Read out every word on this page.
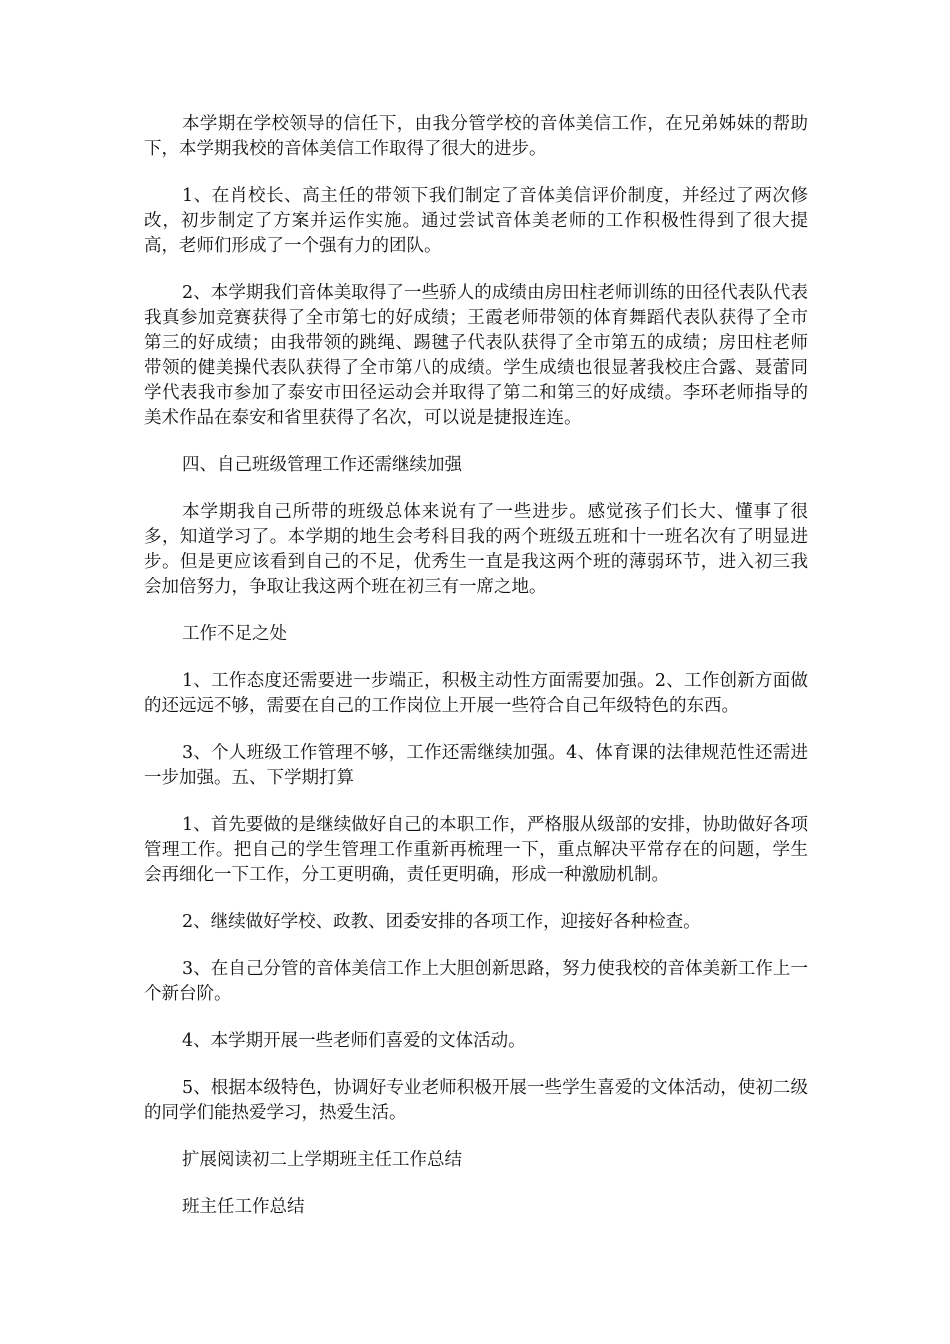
本学期在学校领导的信任下，由我分管学校的音体美信工作，在兄弟姊妹的帮助下，本学期我校的音体美信工作取得了很大的进步。

1、在肖校长、高主任的带领下我们制定了音体美信评价制度，并经过了两次修改，初步制定了方案并运作实施。通过尝试音体美老师的工作积极性得到了很大提高，老师们形成了一个强有力的团队。

2、本学期我们音体美取得了一些骄人的成绩由房田柱老师训练的田径代表队代表我真参加竞赛获得了全市第七的好成绩；王霞老师带领的体育舞蹈代表队获得了全市第三的好成绩；由我带领的跳绳、踢毽子代表队获得了全市第五的成绩；房田柱老师带领的健美操代表队获得了全市第八的成绩。学生成绩也很显著我校庄合露、聂蕾同学代表我市参加了泰安市田径运动会并取得了第二和第三的好成绩。李环老师指导的美术作品在泰安和省里获得了名次，可以说是捷报连连。

四、自己班级管理工作还需继续加强

本学期我自己所带的班级总体来说有了一些进步。感觉孩子们长大、懂事了很多，知道学习了。本学期的地生会考科目我的两个班级五班和十一班名次有了明显进步。但是更应该看到自己的不足，优秀生一直是我这两个班的薄弱环节，进入初三我会加倍努力，争取让我这两个班在初三有一席之地。

工作不足之处

1、工作态度还需要进一步端正，积极主动性方面需要加强。2、工作创新方面做的还远远不够，需要在自己的工作岗位上开展一些符合自己年级特色的东西。

3、个人班级工作管理不够，工作还需继续加强。4、体育课的法律规范性还需进一步加强。五、下学期打算

1、首先要做的是继续做好自己的本职工作，严格服从级部的安排，协助做好各项管理工作。把自己的学生管理工作重新再梳理一下，重点解决平常存在的问题，学生会再细化一下工作，分工更明确，责任更明确，形成一种激励机制。

2、继续做好学校、政教、团委安排的各项工作，迎接好各种检查。

3、在自己分管的音体美信工作上大胆创新思路，努力使我校的音体美新工作上一个新台阶。

4、本学期开展一些老师们喜爱的文体活动。

5、根据本级特色，协调好专业老师积极开展一些学生喜爱的文体活动，使初二级的同学们能热爱学习，热爱生活。

扩展阅读初二上学期班主任工作总结

班主任工作总结
